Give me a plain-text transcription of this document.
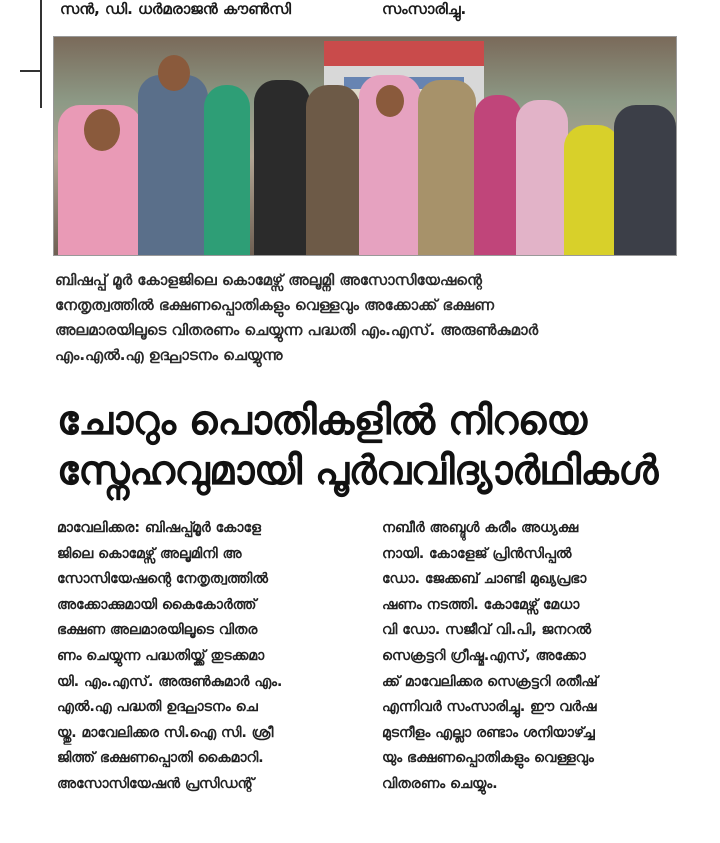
സൻ, ഡി. ധർമരാജൻ കൗൺസി	സംസാരിച്ചു.
ബിഷപ്പ് മൂർ കോളജിലെ കൊമേഴ്സ് അലൂമ്നി അസോസിയേഷന്റെ
നേതൃത്വത്തിൽ ഭക്ഷണപ്പൊതികളും വെള്ളവും അക്കോക്ക് ഭക്ഷണ
അലമാരയിലൂടെ വിതരണം ചെയ്യുന്ന പദ്ധതി എം.എസ്. അരുൺകുമാർ
എം.എൽ.എ ഉദ്ഘാടനം ചെയ്യുന്നു
ചോറും പൊതികളിൽ നിറയെ
സ്നേഹവുമായി പൂർവവിദ്യാർഥികൾ
മാവേലിക്കര: ബിഷപ്പ്മൂർ കോളേ
ജിലെ കൊമേഴ്സ് അലൂമിനി അ
സോസിയേഷന്റെ നേതൃത്വത്തിൽ
അക്കോക്കുമായി കൈകോർത്ത്
ഭക്ഷണ അലമാരയിലൂടെ വിതര
ണം ചെയ്യുന്ന പദ്ധതിയ്ക്ക് തുടക്കമാ
യി. എം.എസ്. അരുൺകുമാർ എം.
എൽ.എ പദ്ധതി ഉദ്ഘാടനം ചെ
യ്തു. മാവേലിക്കര സി.ഐ സി. ശ്രീ
ജിത്ത് ഭക്ഷണപ്പൊതി കൈമാറി.
അസോസിയേഷൻ പ്രസിഡന്റ്
നബീർ അബ്ദുൾ കരീം അധ്യക്ഷ
നായി. കോളേജ് പ്രിൻസിപ്പൽ
ഡോ. ജേക്കബ് ചാണ്ടി മുഖ്യപ്രഭാ
ഷണം നടത്തി. കോമേഴ്സ് മേധാ
വി ഡോ. സജീവ് വി.പി, ജനറൽ
സെക്രട്ടറി ഗ്രീഷ്മ.എസ്, അക്കോ
ക്ക് മാവേലിക്കര സെക്രട്ടറി രതീഷ്
എന്നിവർ സംസാരിച്ചു. ഈ വർഷ
മുടനീളം എല്ലാ രണ്ടാം ശനിയാഴ്ച്ച
യും ഭക്ഷണപ്പൊതികളും വെള്ളവും
വിതരണം ചെയ്യും.
